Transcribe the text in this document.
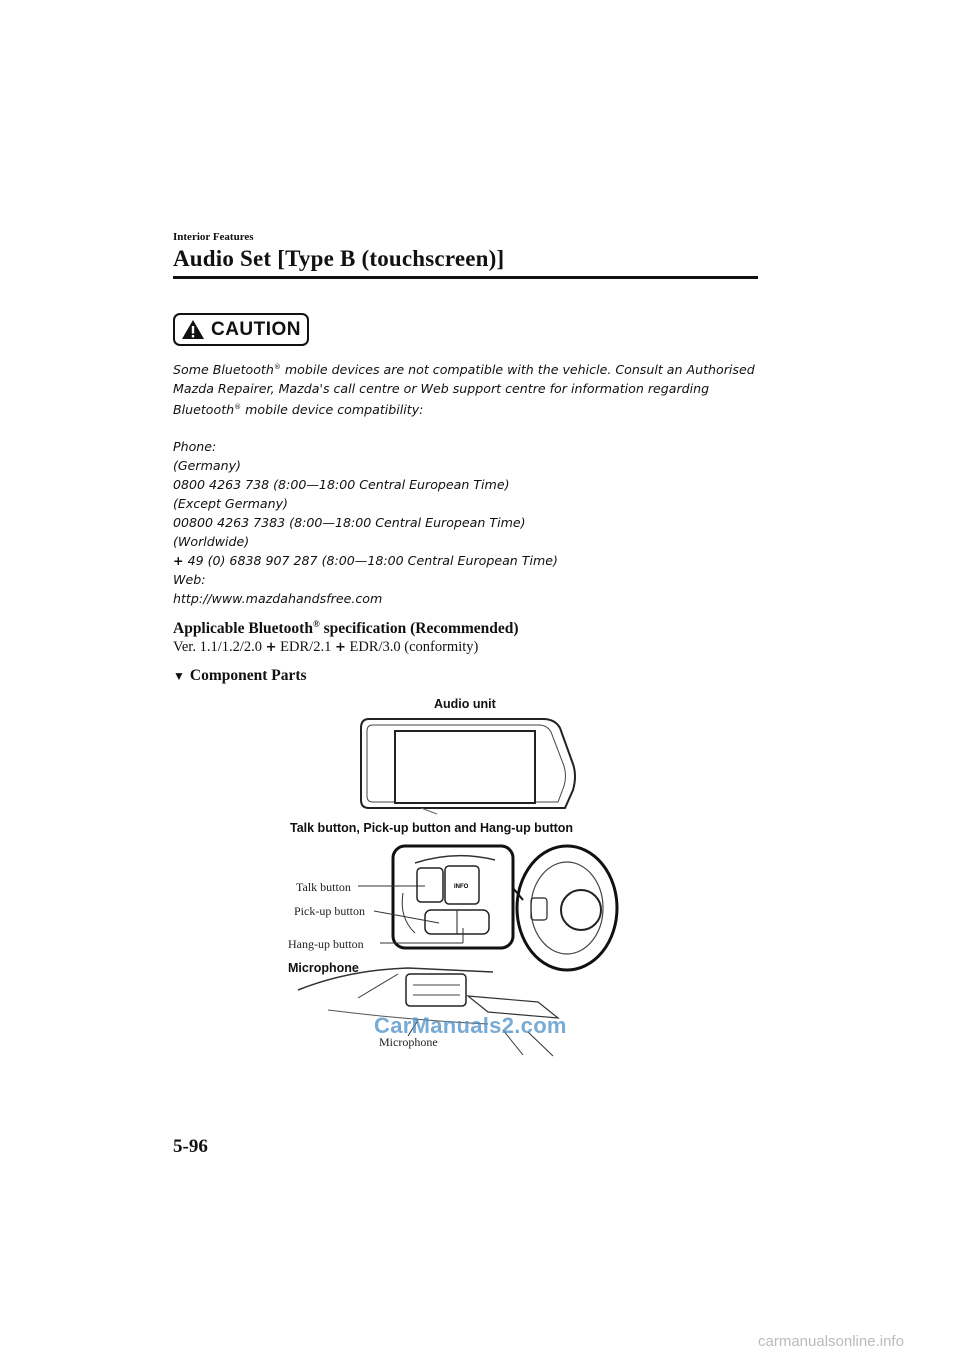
Interior Features
Audio Set [Type B (touchscreen)]
CAUTION

Some Bluetooth® mobile devices are not compatible with the vehicle. Consult an Authorised

Mazda Repairer, Mazda's call centre or Web support centre for information regarding

Bluetooth® mobile device compatibility:

Phone:

(Germany)

0800 4263 738 (8:00—18:00 Central European Time)

(Except Germany)

00800 4263 7383 (8:00—18:00 Central European Time)

(Worldwide)

+ 49 (0) 6838 907 287 (8:00—18:00 Central European Time)

Web:

http://www.mazdahandsfree.com

Applicable Bluetooth® specification (Recommended)
Ver. 1.1/1.2/2.0 + EDR/2.1 + EDR/3.0 (conformity)
▼ Component Parts
Audio unit
Talk button, Pick-up button and Hang-up button
INFO
Talk button
Pick-up button
Hang-up button
Microphone
CarManuals2.com
Microphone
5-96
carmanualsonline.info
